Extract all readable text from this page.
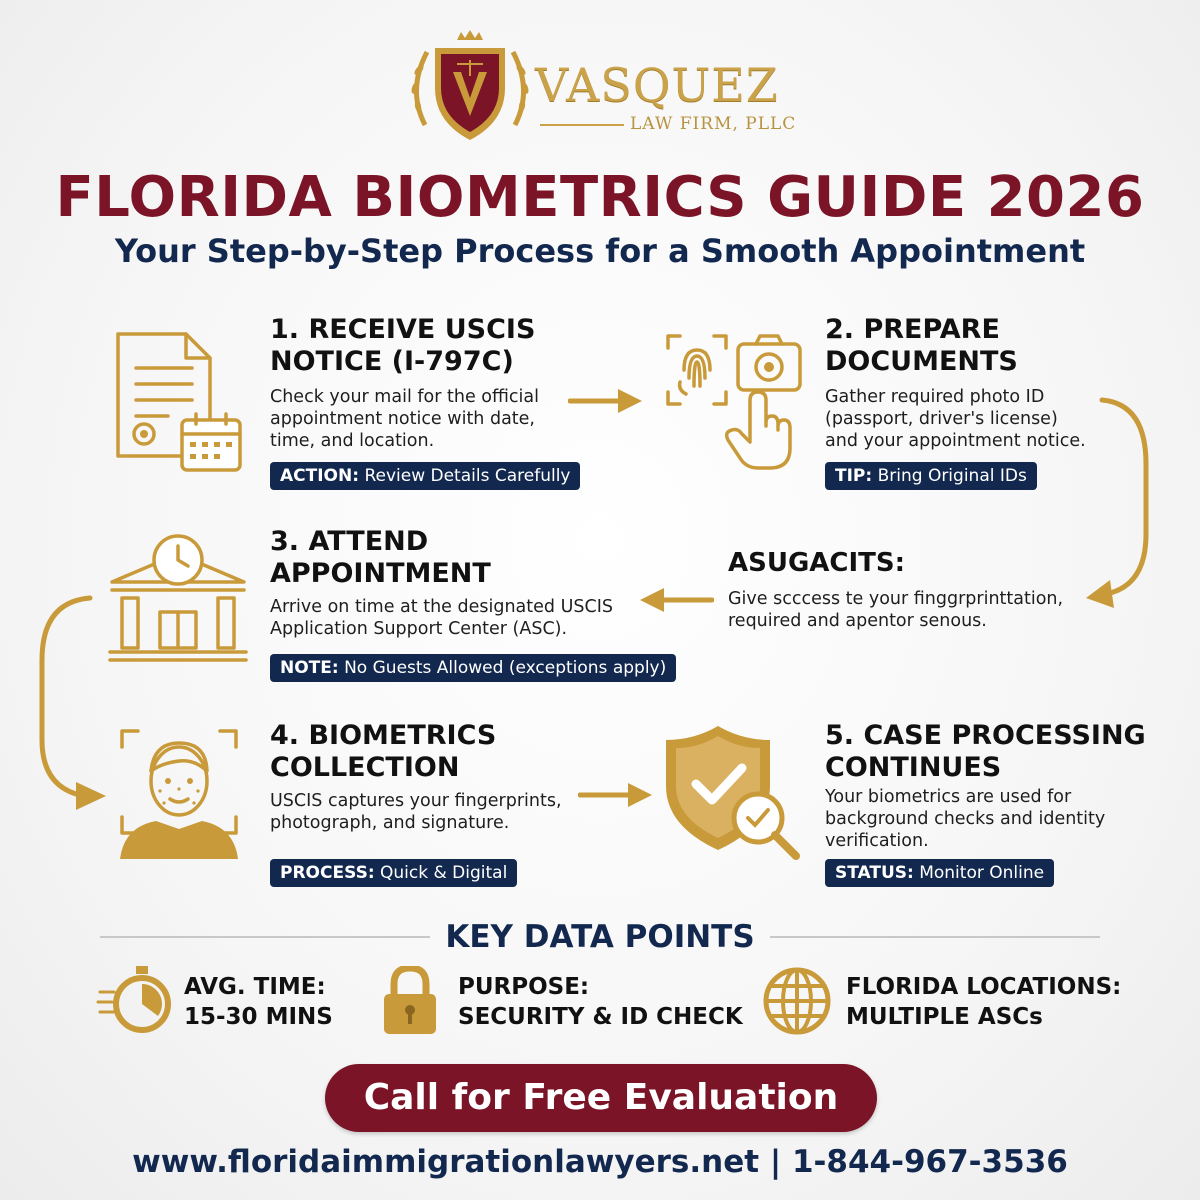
VASQUEZ
LAW FIRM, PLLC
FLORIDA BIOMETRICS GUIDE 2026
Your Step-by-Step Process for a Smooth Appointment
1. RECEIVE USCIS
NOTICE (I-797C)
Check your mail for the official
appointment notice with date,
time, and location.
ACTION: Review Details Carefully
2. PREPARE
DOCUMENTS
Gather required photo ID
(passport, driver's license)
and your appointment notice.
TIP: Bring Original IDs
ASUGACITS:
Give scccess te your finggrprinttation,
required and apentor senous.
3. ATTEND
APPOINTMENT
Arrive on time at the designated USCIS
Application Support Center (ASC).
NOTE: No Guests Allowed (exceptions apply)
4. BIOMETRICS
COLLECTION
USCIS captures your fingerprints,
photograph, and signature.
PROCESS: Quick & Digital
5. CASE PROCESSING
CONTINUES
Your biometrics are used for
background checks and identity
verification.
STATUS: Monitor Online
KEY DATA POINTS
AVG. TIME:
15-30 MINS
PURPOSE:
SECURITY & ID CHECK
FLORIDA LOCATIONS:
MULTIPLE ASCs
Call for Free Evaluation
www.floridaimmigrationlawyers.net | 1-844-967-3536
